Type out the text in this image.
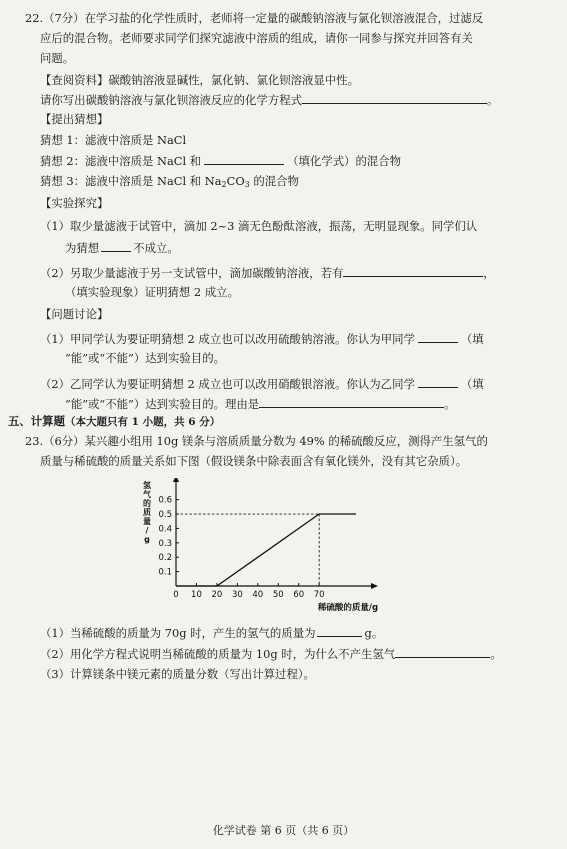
22.（7分）在学习盐的化学性质时，老师将一定量的碳酸钠溶液与氯化钡溶液混合，过滤反
应后的混合物。老师要求同学们探究滤液中溶质的组成，请你一同参与探究并回答有关
问题。
【查阅资料】碳酸钠溶液显碱性，氯化钠、氯化钡溶液显中性。
请你写出碳酸钠溶液与氯化钡溶液反应的化学方程式	。
【提出猜想】
猜想 1：滤液中溶质是 NaCl
猜想 2：滤液中溶质是 NaCl 和	（填化学式）的混合物
猜想 3：滤液中溶质是 NaCl 和 $Na_2CO_3$ 的混合物
【实验探究】
（1）取少量滤液于试管中，滴加 2~3 滴无色酚酞溶液，振荡，无明显现象。同学们认
为猜想	不成立。
（2）另取少量滤液于另一支试管中，滴加碳酸钠溶液，若有	，
（填实验现象）证明猜想 2 成立。
【问题讨论】
（1）甲同学认为要证明猜想 2 成立也可以改用硫酸钠溶液。你认为甲同学	（填
“能”或“不能”）达到实验目的。
（2）乙同学认为要证明猜想 2 成立也可以改用硝酸银溶液。你认为乙同学	（填
“能”或“不能”）达到实验目的。理由是	。
五、计算题（本大题只有 1 小题，共 6 分）
23.（6分）某兴趣小组用 10g 镁条与溶质质量分数为 49% 的稀硫酸反应，测得产生氢气的
质量与稀硫酸的质量关系如下图（假设镁条中除表面含有氧化镁外，没有其它杂质）。
0 10 20 30 40 50 60 70
0.1
0.2
0.3
0.4
0.5
0.6
氢
气
的
质
量
/
g
稀硫酸的质量/g
（1）当稀硫酸的质量为 70g 时，产生的氢气的质量为	g。
（2）用化学方程式说明当稀硫酸的质量为 10g 时，为什么不产生氢气	。
（3）计算镁条中镁元素的质量分数（写出计算过程）。
化学试卷 第 6 页（共 6 页）
